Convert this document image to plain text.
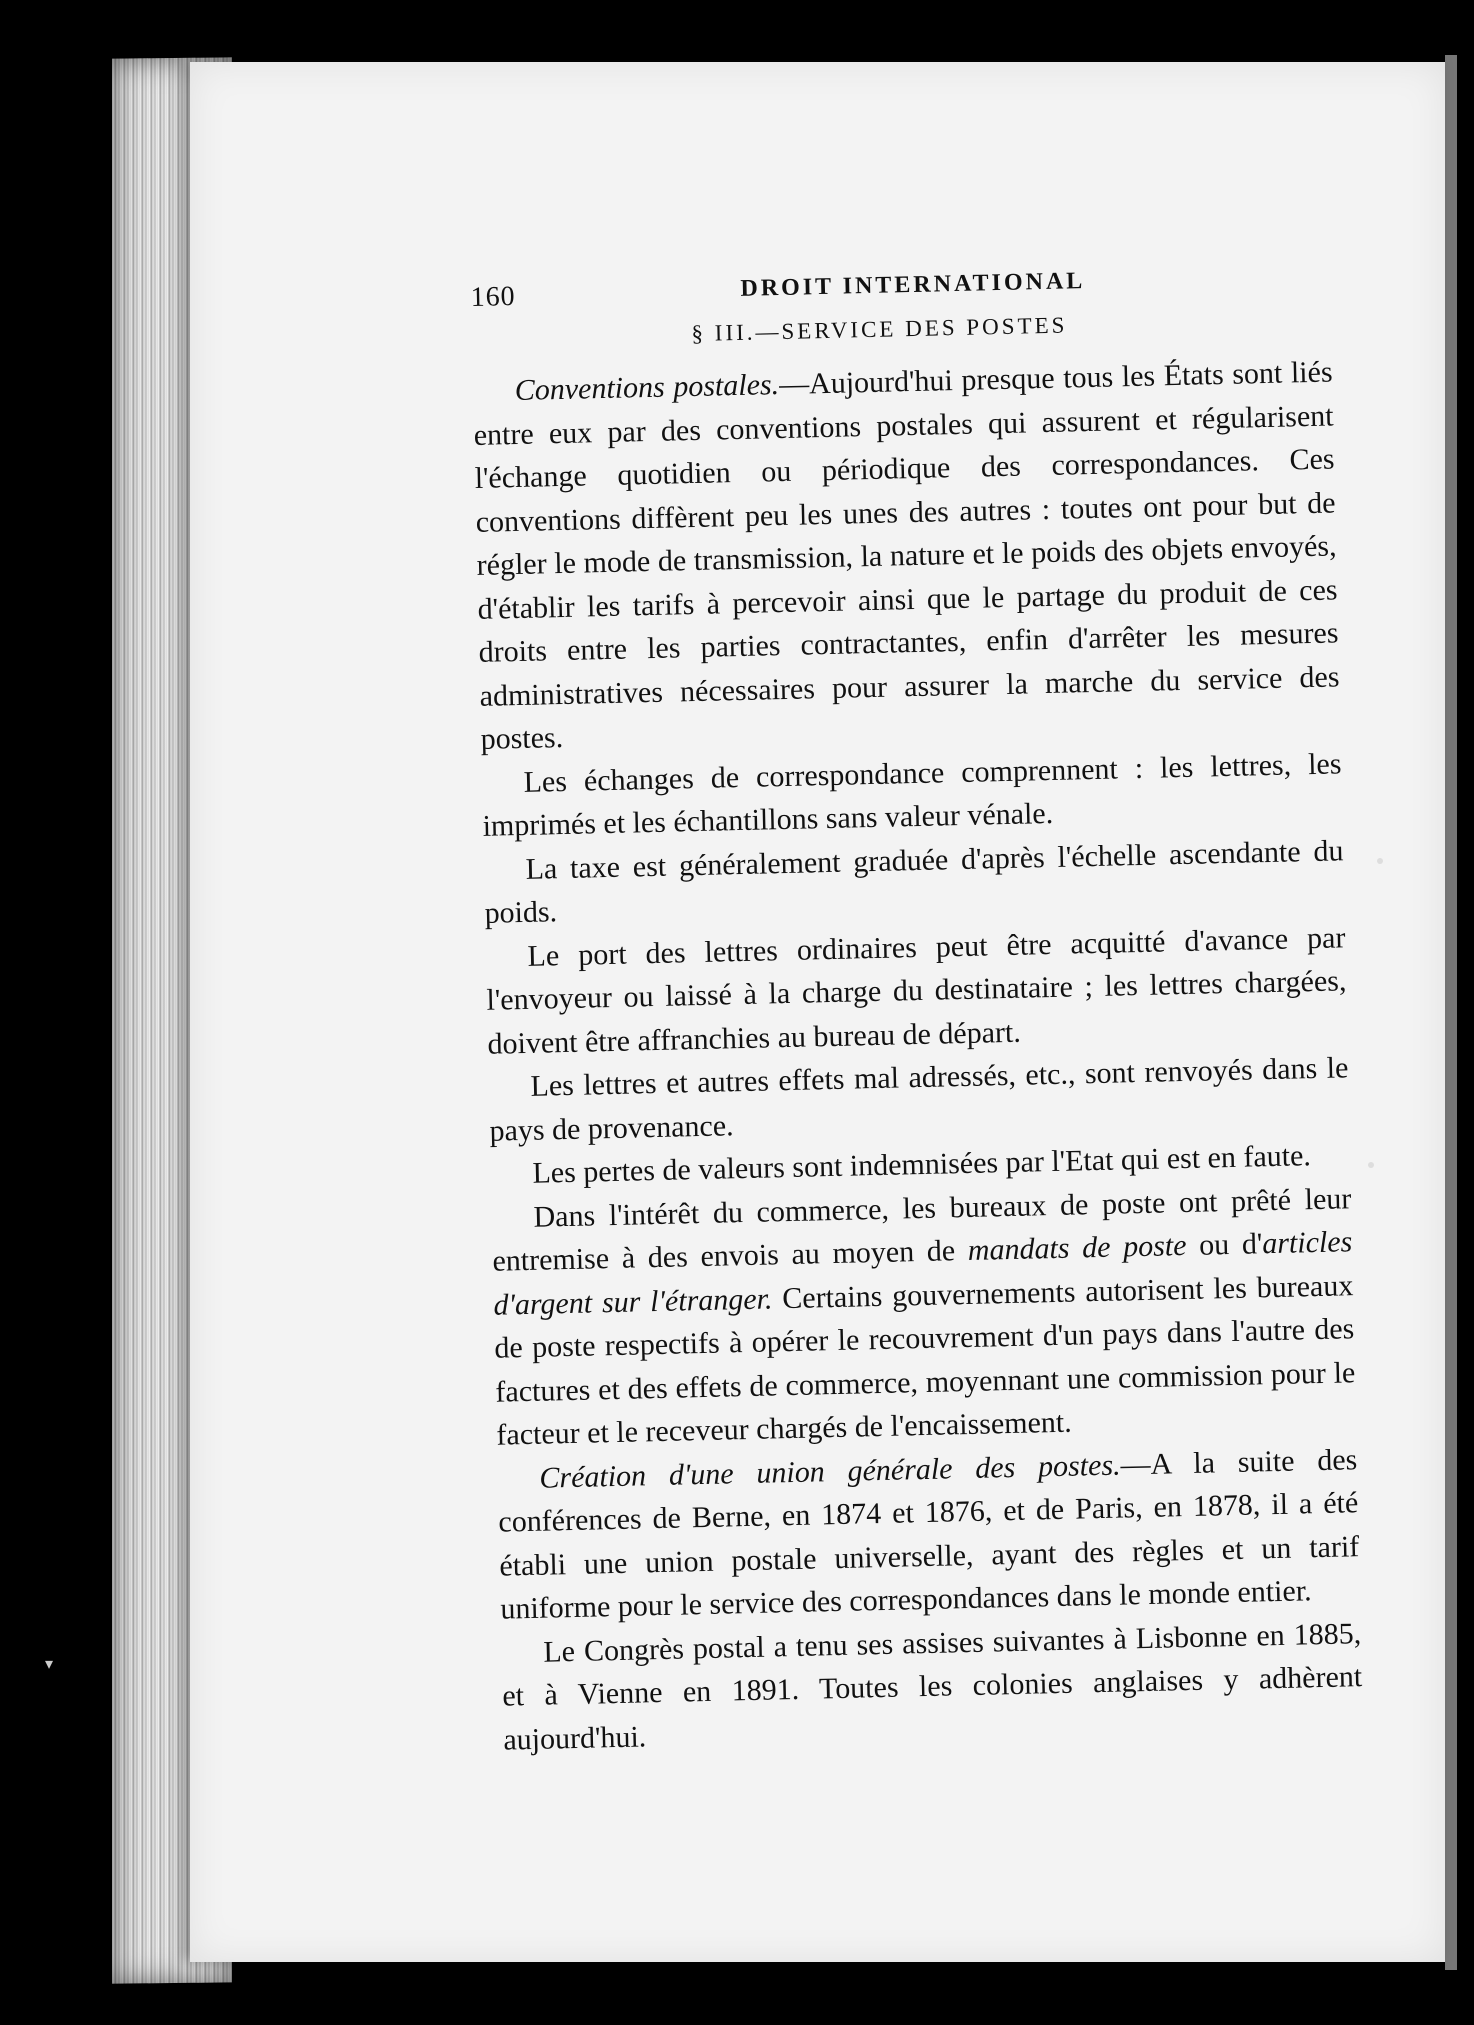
160	DROIT INTERNATIONAL
§ III.—SERVICE DES POSTES

Conventions postales.—Aujourd'hui presque tous les États sont liés entre eux par des conventions postales qui assurent et régularisent l'échange quotidien ou périodique des correspondances. Ces conventions diffèrent peu les unes des autres : toutes ont pour but de régler le mode de transmission, la nature et le poids des objets envoyés, d'établir les tarifs à percevoir ainsi que le partage du produit de ces droits entre les parties contractantes, enfin d'arrêter les mesures administratives nécessaires pour assurer la marche du service des postes.

Les échanges de correspondance comprennent : les lettres, les imprimés et les échantillons sans valeur vénale.

La taxe est généralement graduée d'après l'échelle ascendante du poids.

Le port des lettres ordinaires peut être acquitté d'avance par l'envoyeur ou laissé à la charge du destinataire ; les lettres chargées, doivent être affranchies au bureau de départ.

Les lettres et autres effets mal adressés, etc., sont renvoyés dans le pays de provenance.

Les pertes de valeurs sont indemnisées par l'Etat qui est en faute.

Dans l'intérêt du commerce, les bureaux de poste ont prêté leur entremise à des envois au moyen de mandats de poste ou d'articles d'argent sur l'étranger. Certains gouvernements autorisent les bureaux de poste respectifs à opérer le recouvrement d'un pays dans l'autre des factures et des effets de commerce, moyennant une commission pour le facteur et le receveur chargés de l'encaissement.

Création d'une union générale des postes.—A la suite des conférences de Berne, en 1874 et 1876, et de Paris, en 1878, il a été établi une union postale universelle, ayant des règles et un tarif uniforme pour le service des correspondances dans le monde entier.

Le Congrès postal a tenu ses assises suivantes à Lisbonne en 1885, et à Vienne en 1891. Toutes les colonies anglaises y adhèrent aujourd'hui.

▾
